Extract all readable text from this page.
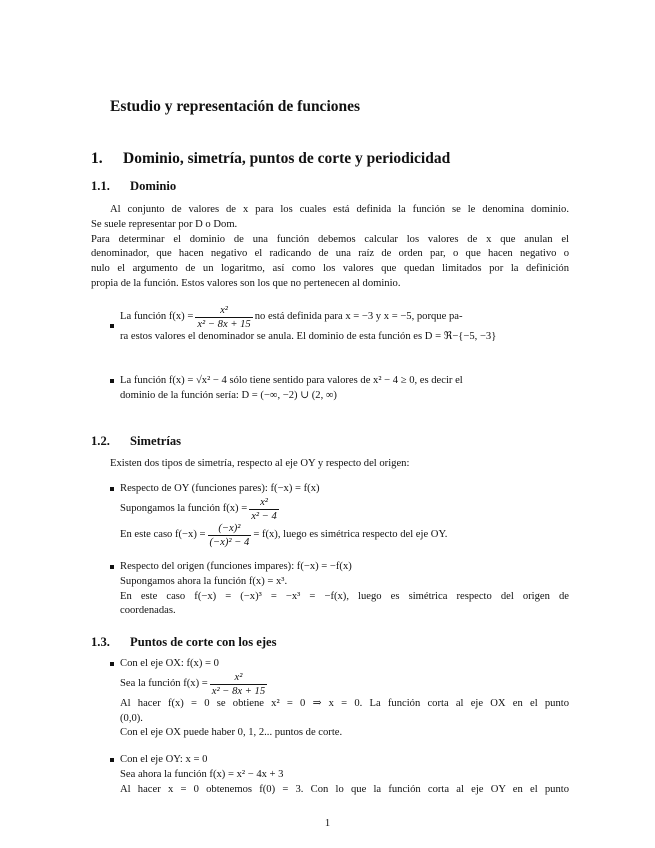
Estudio y representación de funciones
1. Dominio, simetría, puntos de corte y periodicidad
1.1. Dominio
Al conjunto de valores de x para los cuales está definida la función se le denomina dominio.
Se suele representar por D o Dom.
Para determinar el dominio de una función debemos calcular los valores de x que anulan el
denominador, que hacen negativo el radicando de una raíz de orden par, o que hacen negativo o
nulo el argumento de un logaritmo, así como los valores que quedan limitados por la definición
propia de la función. Estos valores son los que no pertenecen al dominio.
La función $f(x) = \frac{\text{x²}}{\text{x² − 8x + 15}}$ no está definida para x = −3 y x = −5, porque pa-
ra estos valores el denominador se anula. El dominio de esta función es D = ℜ−{−5, −3}
La función f(x) = √x² − 4 sólo tiene sentido para valores de x² − 4 ≥ 0, es decir el
dominio de la función sería: D = (−∞, −2) ∪ (2, ∞)
1.2. Simetrías
Existen dos tipos de simetría, respecto al eje OY y respecto del origen:
Respecto de OY (funciones pares): f(−x) = f(x)
Supongamos la función $f(x) = \frac{\text{x²}}{\text{x² − 4}}$
En este caso $f(-x) = \frac{\text{(−x)²}}{\text{(−x)² − 4}} = f(x)$, luego es simétrica respecto del eje OY.
Respecto del origen (funciones impares): f(−x) = −f(x)
Supongamos ahora la función f(x) = x³.
En este caso f(−x) = (−x)³ = −x³ = −f(x), luego es simétrica respecto del origen de
coordenadas.
1.3. Puntos de corte con los ejes
Con el eje OX: f(x) = 0
Sea la función $f(x) = \frac{\text{x²}}{\text{x² − 8x + 15}}$
Al hacer f(x) = 0 se obtiene x² = 0 ⇒ x = 0. La función corta al eje OX en el punto
(0,0).
Con el eje OX puede haber 0, 1, 2... puntos de corte.
Con el eje OY: x = 0
Sea ahora la función f(x) = x² − 4x + 3
Al hacer x = 0 obtenemos f(0) = 3. Con lo que la función corta al eje OY en el punto
1
